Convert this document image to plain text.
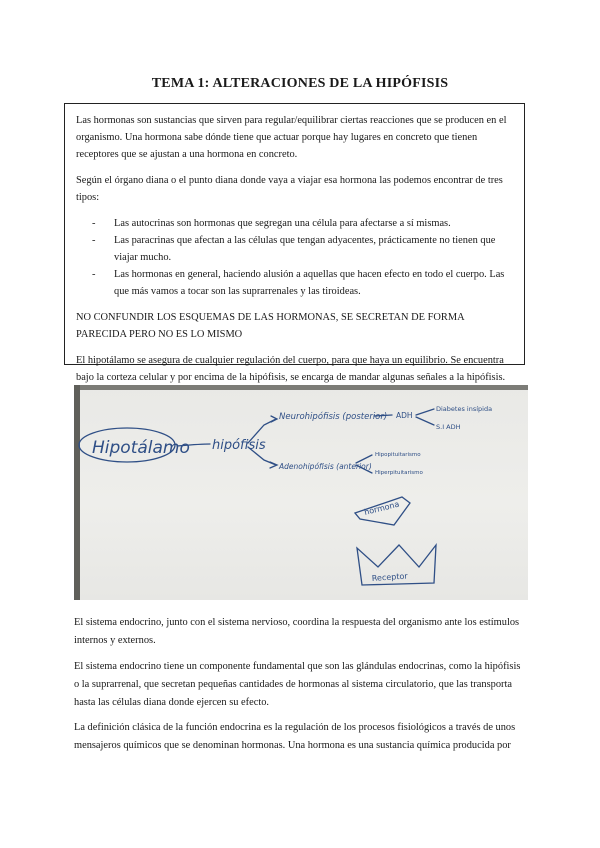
TEMA 1: ALTERACIONES DE LA HIPÓFISIS

Las hormonas son sustancias que sirven para regular/equilibrar ciertas reacciones que se producen en el organismo. Una hormona sabe dónde tiene que actuar porque hay lugares en concreto que tienen receptores que se ajustan a una hormona en concreto.

Según el órgano diana o el punto diana donde vaya a viajar esa hormona las podemos encontrar de tres tipos:

- Las autocrinas son hormonas que segregan una célula para afectarse a sí mismas.
- Las paracrinas que afectan a las células que tengan adyacentes, prácticamente no tienen que viajar mucho.
- Las hormonas en general, haciendo alusión a aquellas que hacen efecto en todo el cuerpo. Las que más vamos a tocar son las suprarrenales y las tiroideas.

NO CONFUNDIR LOS ESQUEMAS DE LAS HORMONAS, SE SECRETAN DE FORMA PARECIDA PERO NO ES LO MISMO

El hipotálamo se asegura de cualquier regulación del cuerpo, para que haya un equilibrio. Se encuentra bajo la corteza celular y por encima de la hipófisis, se encarga de mandar algunas señales a la hipófisis.

Hipotálamo hipófisis
Neurohipófisis (posterior)
Adenohipófisis (anterior)
ADH
Diabetes insípida
S.I ADH
Hipopituitarismo
Hiperpituitarismo
hormona
Receptor

El sistema endocrino, junto con el sistema nervioso, coordina la respuesta del organismo ante los estímulos internos y externos.

El sistema endocrino tiene un componente fundamental que son las glándulas endocrinas, como la hipófisis o la suprarrenal, que secretan pequeñas cantidades de hormonas al sistema circulatorio, que las transporta hasta las células diana donde ejercen su efecto.

La definición clásica de la función endocrina es la regulación de los procesos fisiológicos a través de unos mensajeros químicos que se denominan hormonas. Una hormona es una sustancia química producida por
